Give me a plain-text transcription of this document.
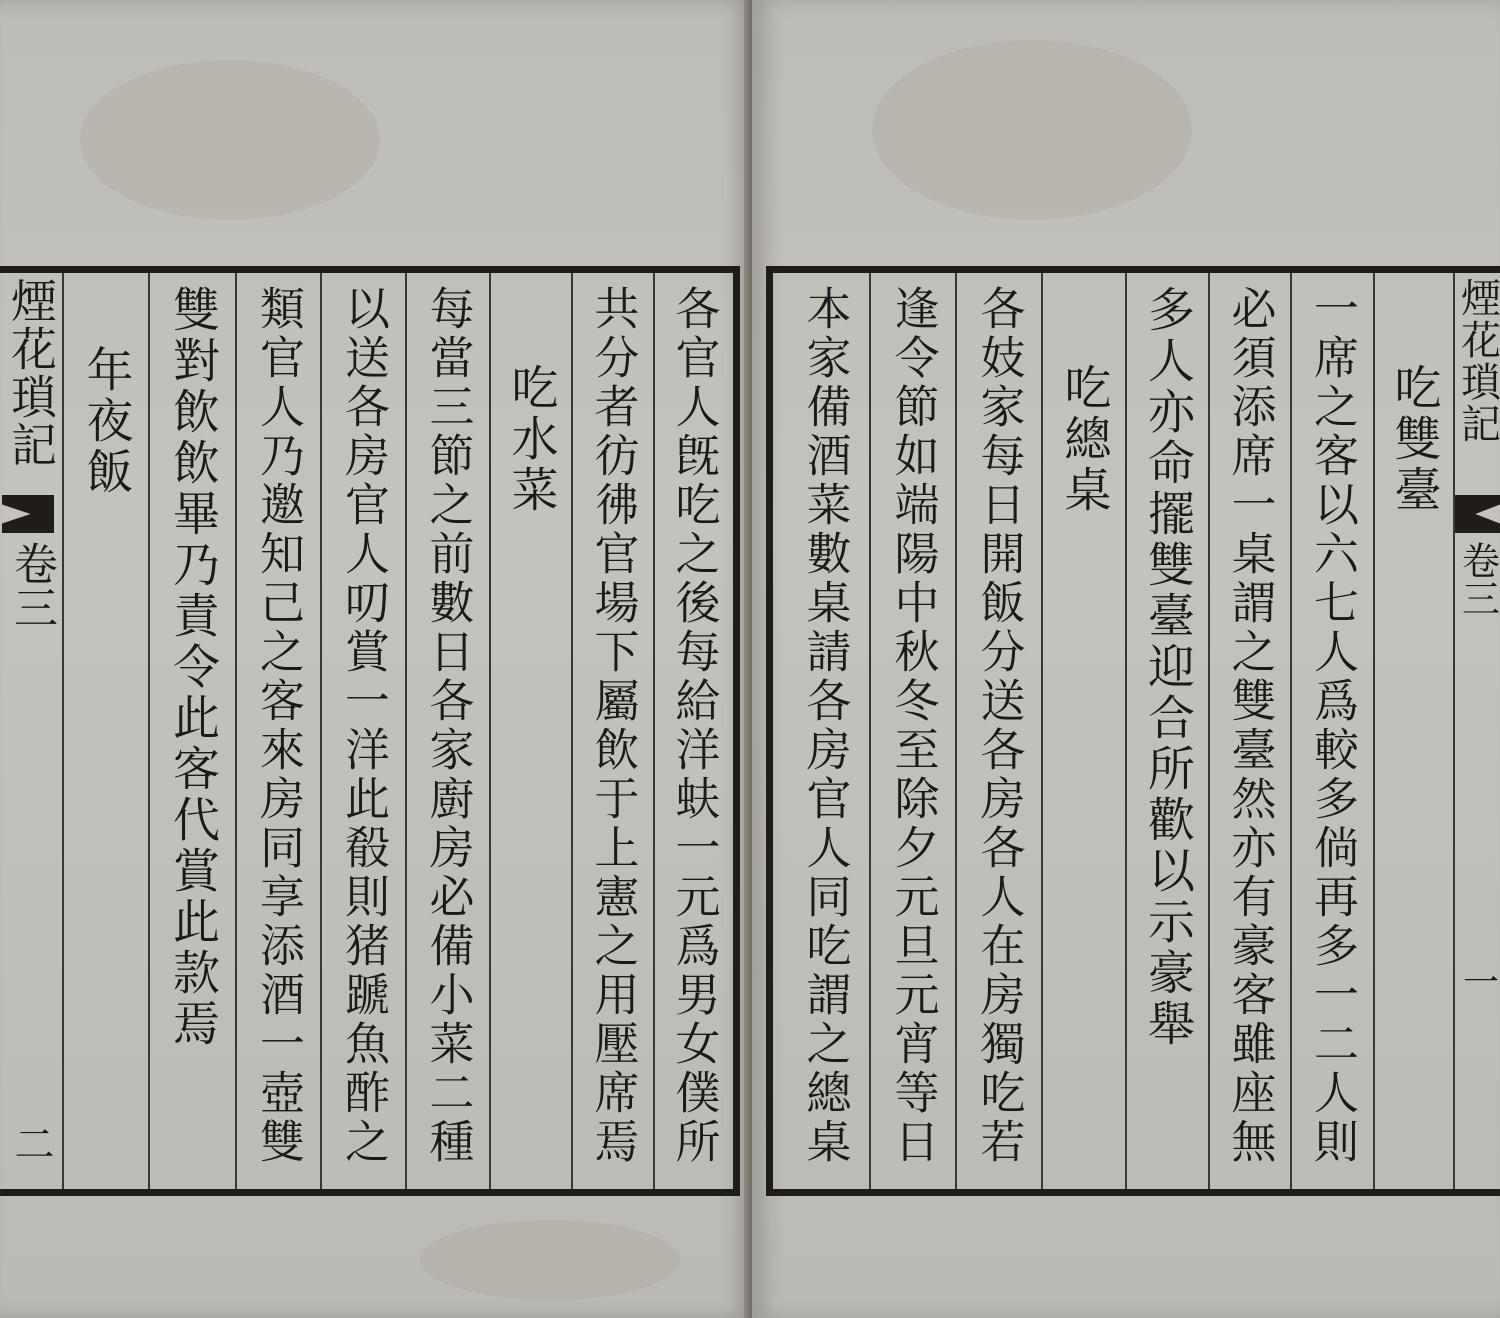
煙花瑣記
卷三
二	各官人旣吃之後每給洋蚨一元爲男女僕所
共分者彷彿官場下屬飲于上憲之用壓席焉
吃水菜
每當三節之前數日各家廚房必備小菜二種
以送各房官人叨賞一洋此殽則猪蹏魚酢之
類官人乃邀知己之客來房同享添酒一壺雙
雙對飲飲畢乃責令此客代賞此款焉
年夜飯	煙花瑣記
卷三
一
吃雙臺
一席之客以六七人爲較多倘再多一二人則
必須添席一桌謂之雙臺然亦有豪客雖座無
多人亦命擺雙臺迎合所歡以示豪舉
吃總桌
各妓家每日開飯分送各房各人在房獨吃若
逢令節如端陽中秋冬至除夕元旦元宵等日
本家備酒菜數桌請各房官人同吃謂之總桌
